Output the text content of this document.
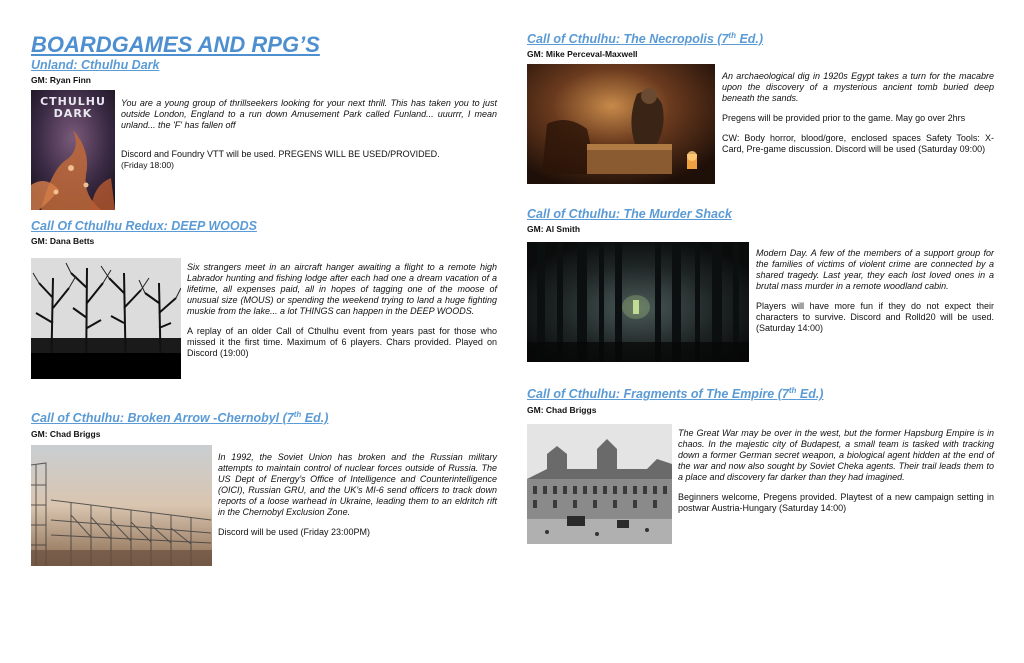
BOARDGAMES AND RPG’S
Unland: Cthulhu Dark
GM: Ryan Finn
CTHULHU
DARK

You are a young group of thrillseekers looking for your next thrill. This has taken you to just outside London, England to a run down Amusement Park called Funland... uuurrr, I mean unland... the 'F' has fallen off

Discord and Foundry VTT will be used. PREGENS WILL BE USED/PROVIDED.
(Friday 18:00)
Call Of Cthulhu Redux: DEEP WOODS
GM: Dana Betts

Six strangers meet in an aircraft hanger awaiting a flight to a remote high Labrador hunting and fishing lodge after each had one a dream vacation of a lifetime, all expenses paid, all in hopes of tagging one of the moose of unusual size (MOUS) or spending the weekend trying to land a huge fighting muskie from the lake... a lot THINGS can happen in the DEEP WOODS.

A replay of an older Call of Cthulhu event from years past for those who missed it the first time. Maximum of 6 players. Chars provided. Played on Discord (19:00)
Call of Cthulhu: Broken Arrow -Chernobyl (7th Ed.)
GM: Chad Briggs

In 1992, the Soviet Union has broken and the Russian military attempts to maintain control of nuclear forces outside of Russia. The US Dept of Energy’s Office of Intelligence and Counterintelligence (OICI), Russian GRU, and the UK’s MI-6 send officers to track down reports of a loose warhead in Ukraine, leading them to an eldritch rift in the Chernobyl Exclusion Zone.

Discord will be used (Friday 23:00PM)
Call of Cthulhu: The Necropolis (7th Ed.)
GM: Mike Perceval-Maxwell

An archaeological dig in 1920s Egypt takes a turn for the macabre upon the discovery of a mysterious ancient tomb buried deep beneath the sands.

Pregens will be provided prior to the game. May go over 2hrs

CW: Body horror, blood/gore, enclosed spaces Safety Tools: X-Card, Pre-game discussion. Discord will be used (Saturday 09:00)
Call of Cthulhu: The Murder Shack
GM: Al Smith

Modern Day. A few of the members of a support group for the families of victims of violent crime are connected by a shared tragedy. Last year, they each lost loved ones in a brutal mass murder in a remote woodland cabin.

Players will have more fun if they do not expect their characters to survive. Discord and Rolld20 will be used. (Saturday 14:00)
Call of Cthulhu: Fragments of The Empire (7th Ed.)
GM: Chad Briggs

The Great War may be over in the west, but the former Hapsburg Empire is in chaos. In the majestic city of Budapest, a small team is tasked with tracking down a former German secret weapon, a biological agent hidden at the end of the war and now also sought by Soviet Cheka agents. Their trail leads them to a place and discovery far darker than they had imagined.

Beginners welcome, Pregens provided. Playtest of a new campaign setting in postwar Austria-Hungary (Saturday 14:00)
